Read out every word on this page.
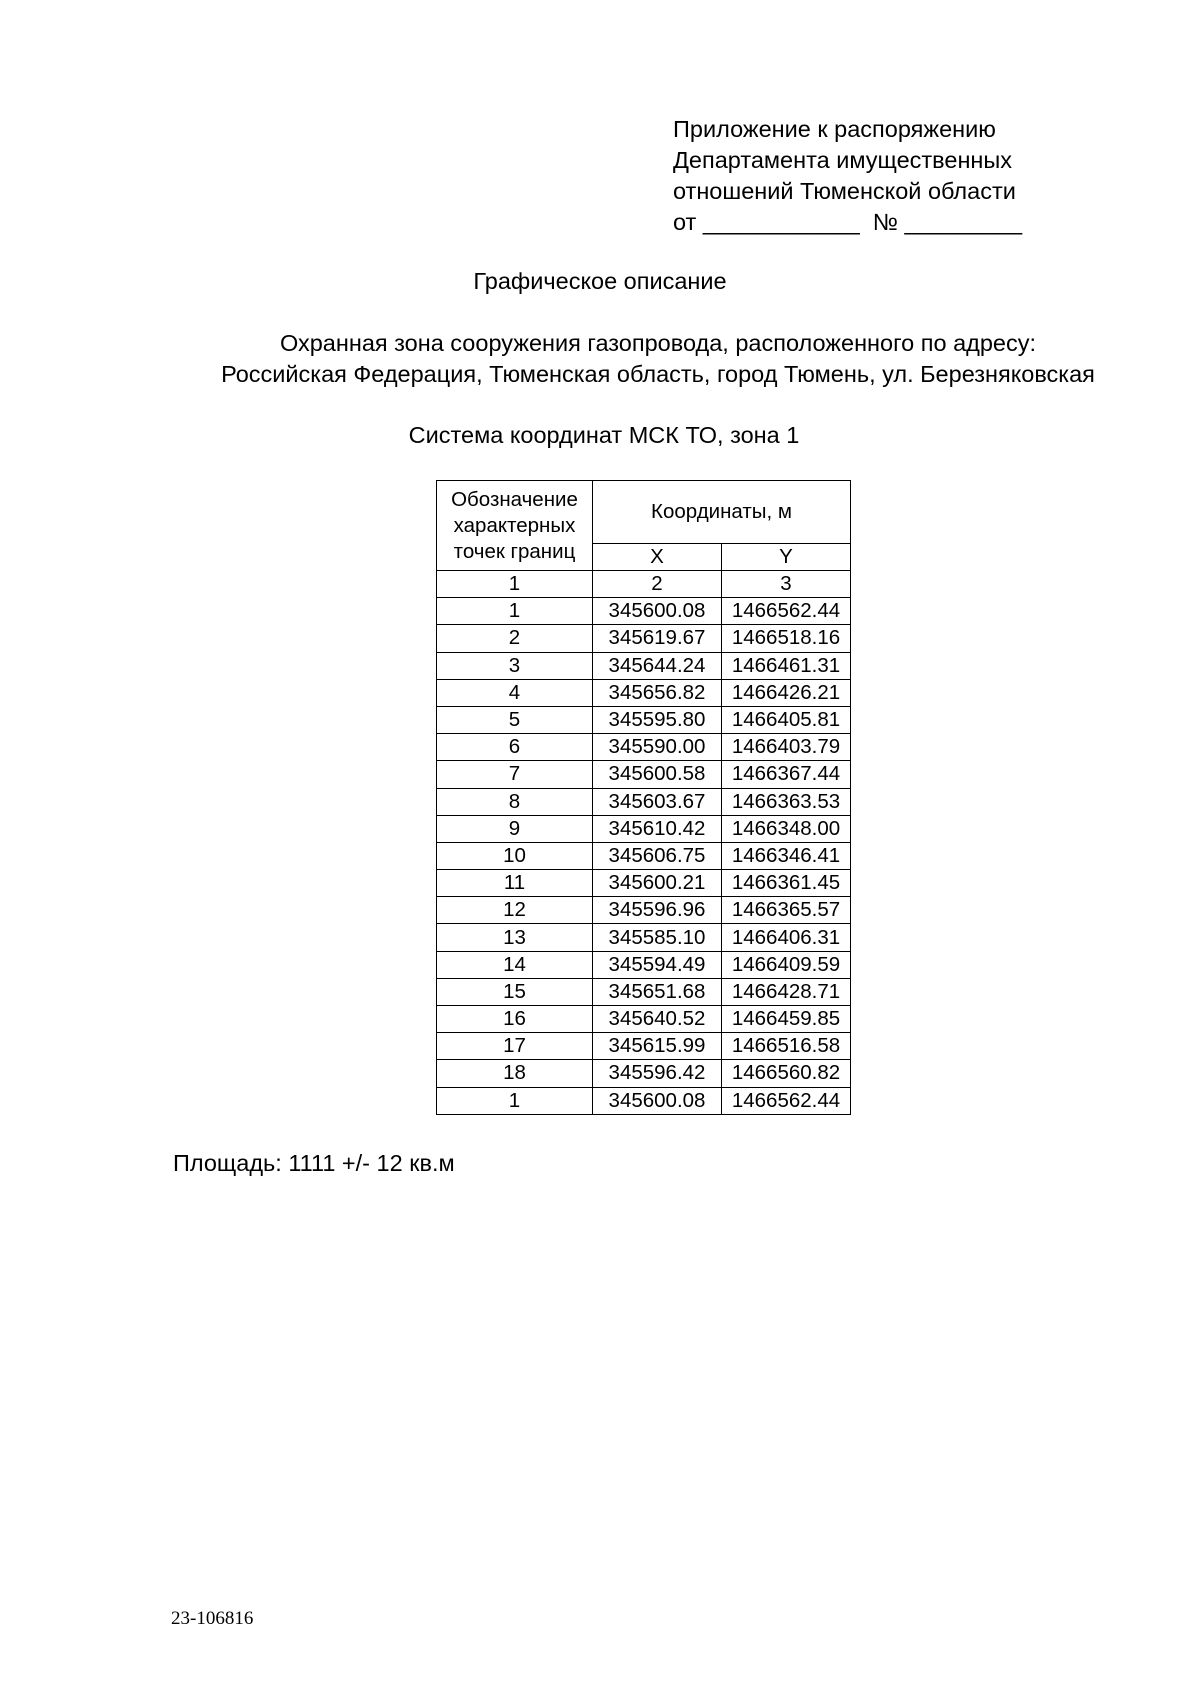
Приложение к распоряжению
Департамента имущественных
отношений Тюменской области
от ____________  № _________
Графическое описание
Охранная зона сооружения газопровода, расположенного по адресу:
Российская Федерация, Тюменская область, город Тюмень, ул. Березняковская
Система координат МСК ТО, зона 1
Обозначение характерных точек границ	Координаты, м	
	X	Y
1	2	3
1	345600.08	1466562.44
2	345619.67	1466518.16
3	345644.24	1466461.31
4	345656.82	1466426.21
5	345595.80	1466405.81
6	345590.00	1466403.79
7	345600.58	1466367.44
8	345603.67	1466363.53
9	345610.42	1466348.00
10	345606.75	1466346.41
11	345600.21	1466361.45
12	345596.96	1466365.57
13	345585.10	1466406.31
14	345594.49	1466409.59
15	345651.68	1466428.71
16	345640.52	1466459.85
17	345615.99	1466516.58
18	345596.42	1466560.82
1	345600.08	1466562.44
Площадь: 1111 +/- 12 кв.м
23-106816
